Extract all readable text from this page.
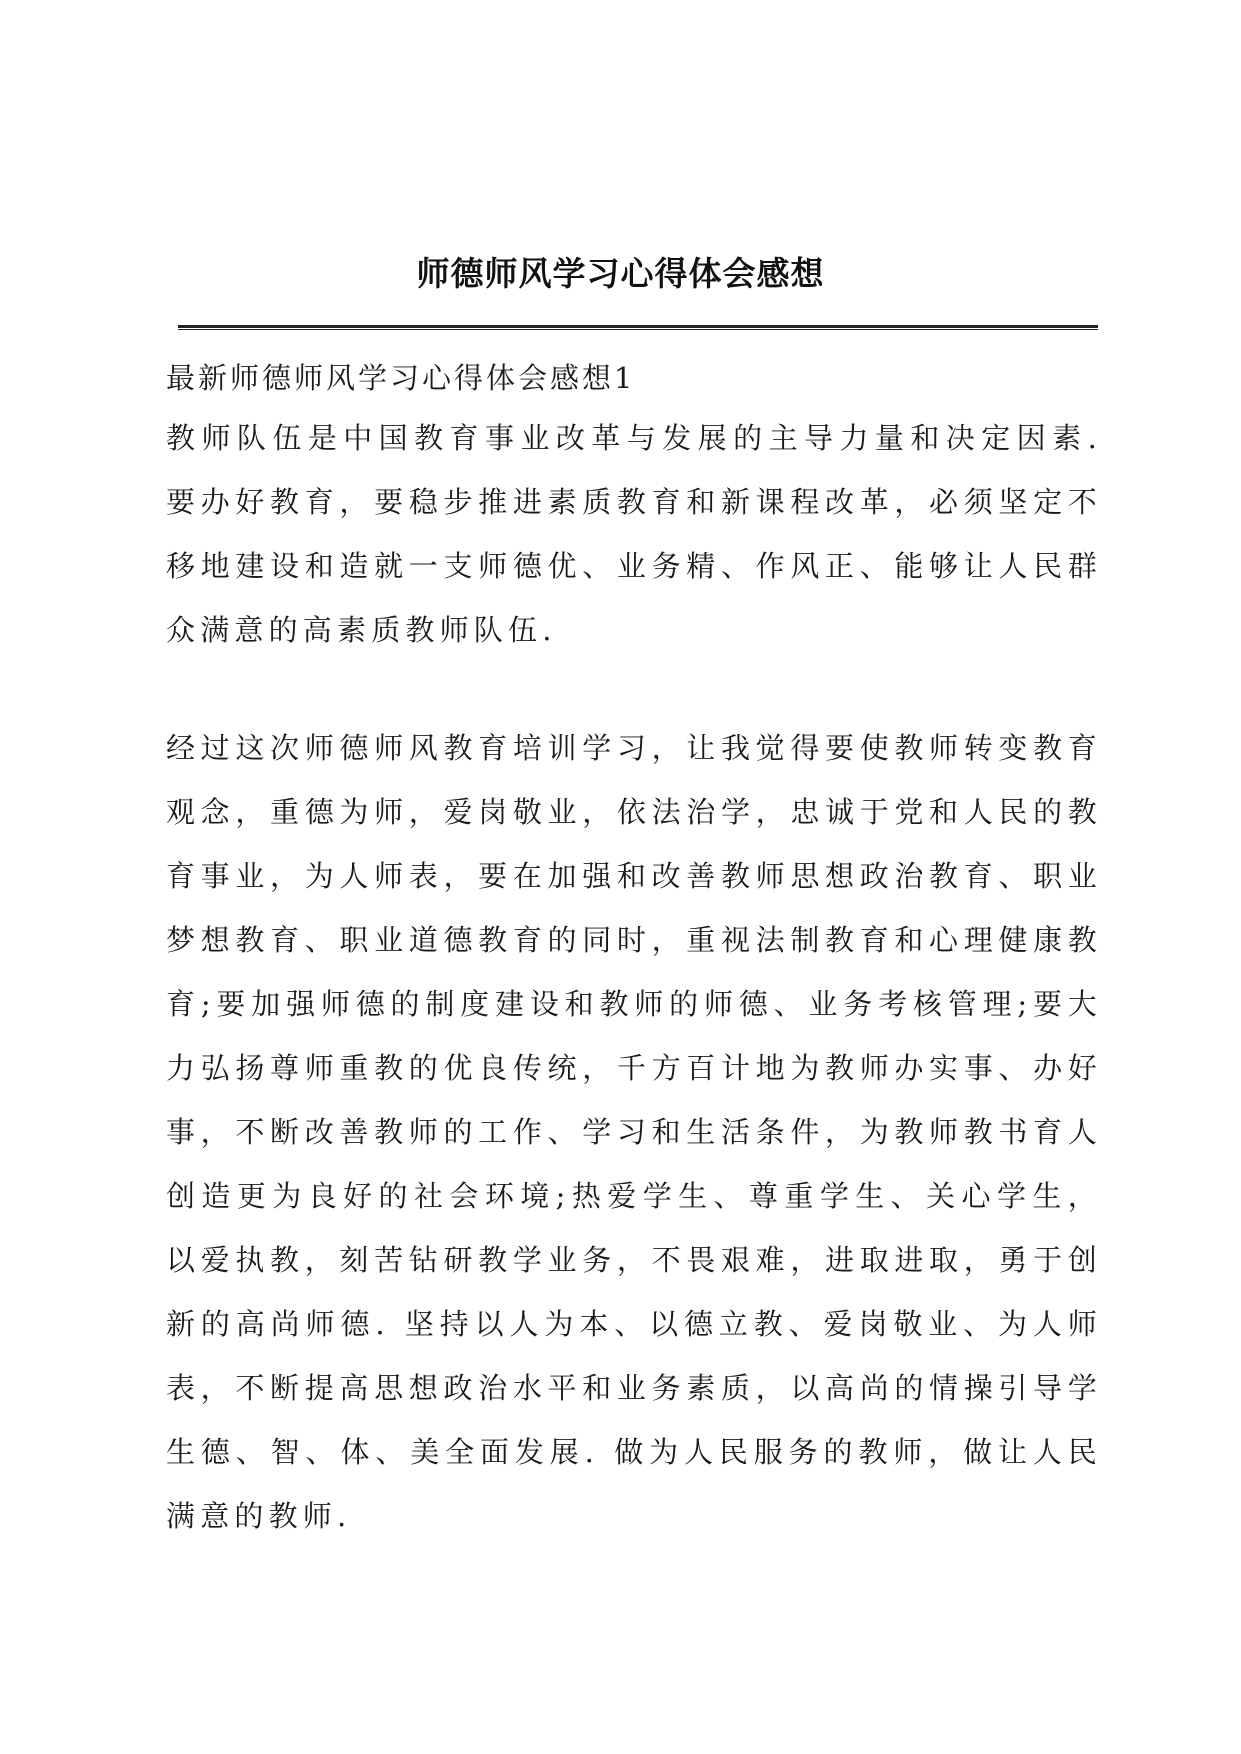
师德师风学习心得体会感想

最新师德师风学习心得体会感想1

教师队伍是中国教育事业改革与发展的主导力量和决定因素. 要办好教育，要稳步推进素质教育和新课程改革，必须坚定不移地建设和造就一支师德优、业务精、作风正、能够让人民群众满意的高素质教师队伍.

经过这次师德师风教育培训学习，让我觉得要使教师转变教育观念，重德为师，爱岗敬业，依法治学，忠诚于党和人民的教育事业，为人师表，要在加强和改善教师思想政治教育、职业梦想教育、职业道德教育的同时，重视法制教育和心理健康教育;要加强师德的制度建设和教师的师德、业务考核管理;要大力弘扬尊师重教的优良传统，千方百计地为教师办实事、办好事，不断改善教师的工作、学习和生活条件，为教师教书育人创造更为良好的社会环境;热爱学生、尊重学生、关心学生，以爱执教，刻苦钻研教学业务，不畏艰难，进取进取，勇于创新的高尚师德. 坚持以人为本、以德立教、爱岗敬业、为人师表，不断提高思想政治水平和业务素质，以高尚的情操引导学生德、智、体、美全面发展. 做为人民服务的教师，做让人民满意的教师.
